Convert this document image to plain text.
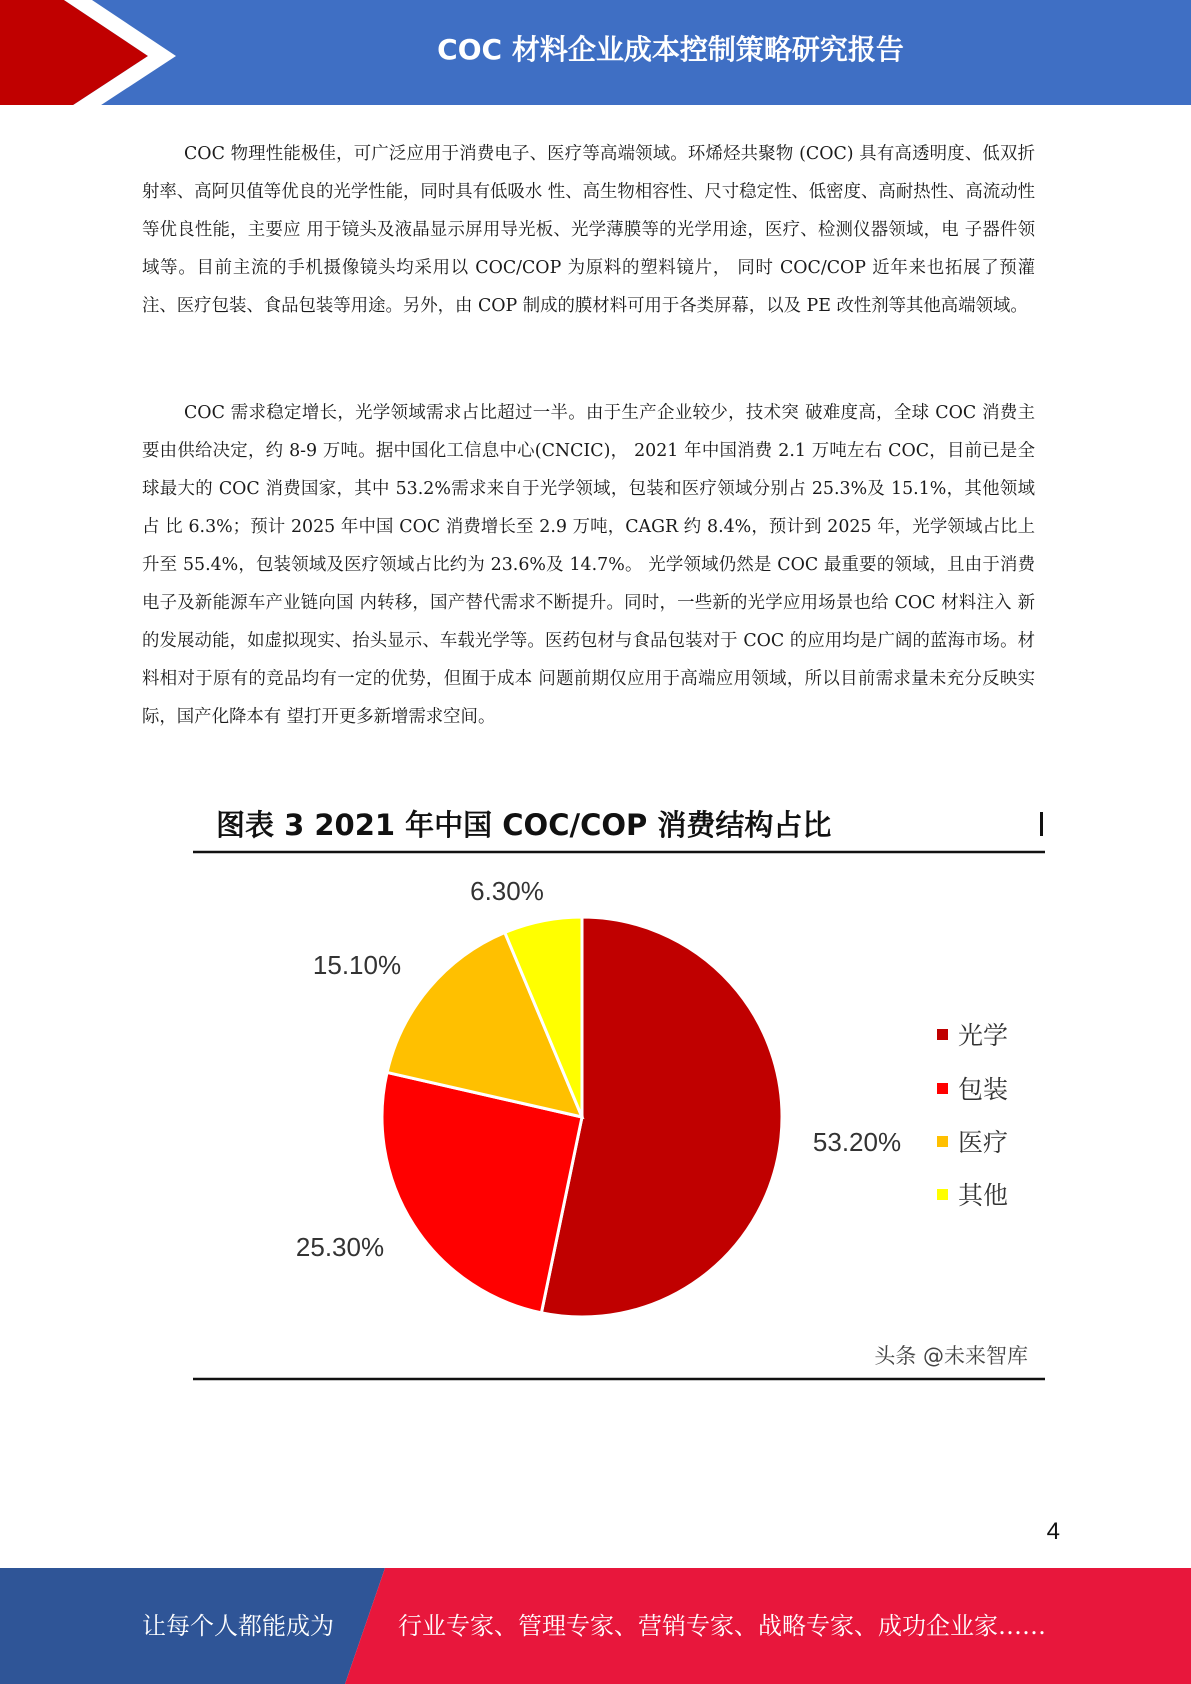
COC 材料企业成本控制策略研究报告

COC 物理性能极佳，可广泛应用于消费电子、医疗等高端领域。环烯烃共聚物 (COC) 具有高透明度、低双折射率、高阿贝值等优良的光学性能，同时具有低吸水 性、高生物相容性、尺寸稳定性、低密度、高耐热性、高流动性等优良性能，主要应 用于镜头及液晶显示屏用导光板、光学薄膜等的光学用途，医疗、检测仪器领域，电 子器件领域等。目前主流的手机摄像镜头均采用以 COC/COP 为原料的塑料镜片， 同时 COC/COP 近年来也拓展了预灌注、医疗包装、食品包装等用途。另外，由 COP 制成的膜材料可用于各类屏幕，以及 PE 改性剂等其他高端领域。

COC 需求稳定增长，光学领域需求占比超过一半。由于生产企业较少，技术突 破难度高，全球 COC 消费主要由供给决定，约 8-9 万吨。据中国化工信息中心(CNCIC)， 2021 年中国消费 2.1 万吨左右 COC，目前已是全球最大的 COC 消费国家，其中 53.2%需求来自于光学领域，包装和医疗领域分别占 25.3%及 15.1%，其他领域占 比 6.3%；预计 2025 年中国 COC 消费增长至 2.9 万吨，CAGR 约 8.4%，预计到 2025 年，光学领域占比上升至 55.4%，包装领域及医疗领域占比约为 23.6%及 14.7%。 光学领域仍然是 COC 最重要的领域，且由于消费电子及新能源车产业链向国 内转移，国产替代需求不断提升。同时，一些新的光学应用场景也给 COC 材料注入 新的发展动能，如虚拟现实、抬头显示、车载光学等。医药包材与食品包装对于 COC 的应用均是广阔的蓝海市场。材料相对于原有的竞品均有一定的优势，但囿于成本 问题前期仅应用于高端应用领域，所以目前需求量未充分反映实际，国产化降本有 望打开更多新增需求空间。

53.20%
25.30%
15.10%
6.30%
光学
包装
医疗
其他
头条 @未来智库
图表 3 2021 年中国 COC/COP 消费结构占比
4
让每个人都能成为	行业专家、管理专家、营销专家、战略专家、成功企业家……
